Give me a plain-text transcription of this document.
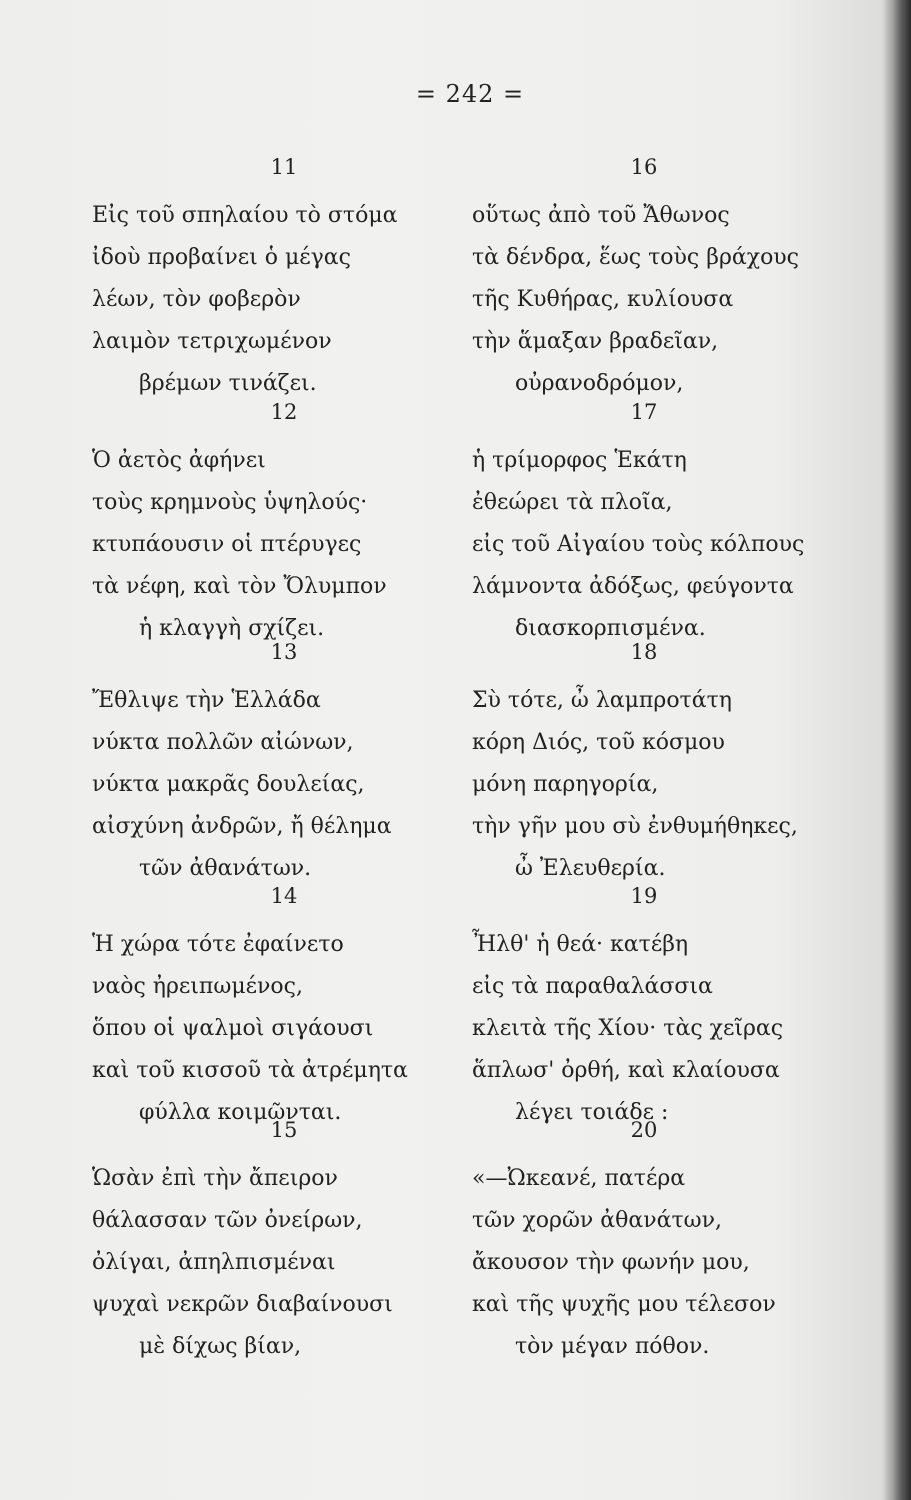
= 242 =
11
Εἰς τοῦ σπηλαίου τὸ στόμα
ἰδοὺ προβαίνει ὁ μέγας
λέων, τὸν φοβερὸν
λαιμὸν τετριχωμένον
βρέμων τινάζει.
12
Ὁ ἀετὸς ἀφήνει
τοὺς κρημνοὺς ὑψηλούς·
κτυπάουσιν οἱ πτέρυγες
τὰ νέφη, καὶ τὸν Ὄλυμπον
ἡ κλαγγὴ σχίζει.
13
Ἔθλιψε τὴν Ἑλλάδα
νύκτα πολλῶν αἰώνων,
νύκτα μακρᾶς δουλείας,
αἰσχύνη ἀνδρῶν, ἤ θέλημα
τῶν ἀθανάτων.
14
Ἡ χώρα τότε ἐφαίνετο
ναὸς ἠρειπωμένος,
ὅπου οἱ ψαλμοὶ σιγάουσι
καὶ τοῦ κισσοῦ τὰ ἀτρέμητα
φύλλα κοιμῶνται.
15
Ὡσὰν ἐπὶ τὴν ἄπειρον
θάλασσαν τῶν ὀνείρων,
ὀλίγαι, ἀπηλπισμέναι
ψυχαὶ νεκρῶν διαβαίνουσι
μὲ δίχως βίαν,
16
οὕτως ἀπὸ τοῦ Ἄθωνος
τὰ δένδρα, ἕως τοὺς βράχους
τῆς Κυθήρας, κυλίουσα
τὴν ἅμαξαν βραδεῖαν,
οὐρανοδρόμον,
17
ἡ τρίμορφος Ἑκάτη
ἐθεώρει τὰ πλοῖα,
εἰς τοῦ Αἰγαίου τοὺς κόλπους
λάμνοντα ἀδόξως, φεύγοντα
διασκορπισμένα.
18
Σὺ τότε, ὦ λαμπροτάτη
κόρη Διός, τοῦ κόσμου
μόνη παρηγορία,
τὴν γῆν μου σὺ ἐνθυμήθηκες,
ὦ Ἐλευθερία.
19
Ἦλθ' ἡ θεά· κατέβη
εἰς τὰ παραθαλάσσια
κλειτὰ τῆς Χίου· τὰς χεῖρας
ἅπλωσ' ὀρθή, καὶ κλαίουσα
λέγει τοιάδε :
20
«—Ὠκεανέ, πατέρα
τῶν χορῶν ἀθανάτων,
ἄκουσον τὴν φωνήν μου,
καὶ τῆς ψυχῆς μου τέλεσον
τὸν μέγαν πόθον.
